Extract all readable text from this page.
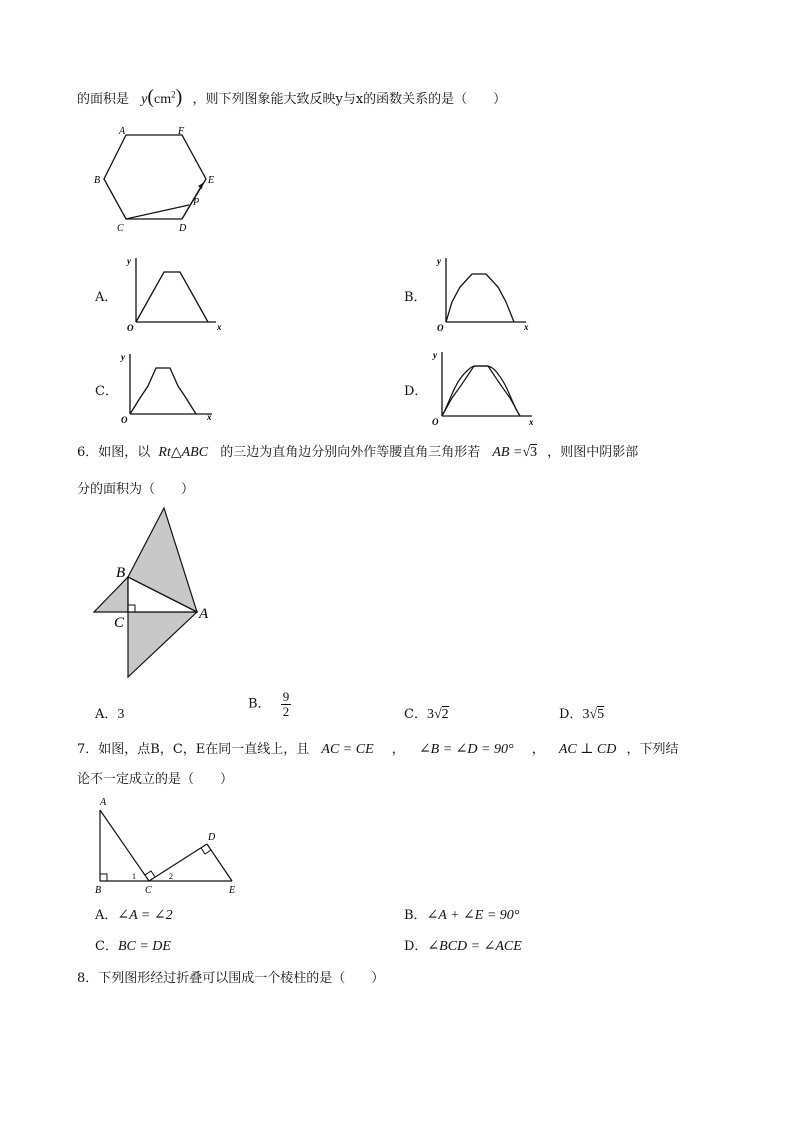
的面积是 $y(cm^2)$ ，则下列图象能大致反映y与x的函数关系的是（　　）
A	F
B	E
P
C	D
A．
y
x
O
B．
y
x
O
C．
y
x
O
D．
y
x
O
6．如图，以 Rt△ABC 的三边为直角边分别向外作等腰直角三角形若 AB =√3 ，则图中阴影部
分的面积为（　　）
B
C
A
A．3
B． $\frac{9}{2}$	C．3√2	D．3√5
7．如图，点B，C，E在同一直线上，且 AC = CE ， ∠B = ∠D = 90° ， AC ⊥ CD ，下列结
论不一定成立的是（　　）
A
D
B	C	E
1	2
A．∠A = ∠2	B．∠A + ∠E = 90°
C．BC = DE	D．∠BCD = ∠ACE
8．下列图形经过折叠可以围成一个棱柱的是（　　）
